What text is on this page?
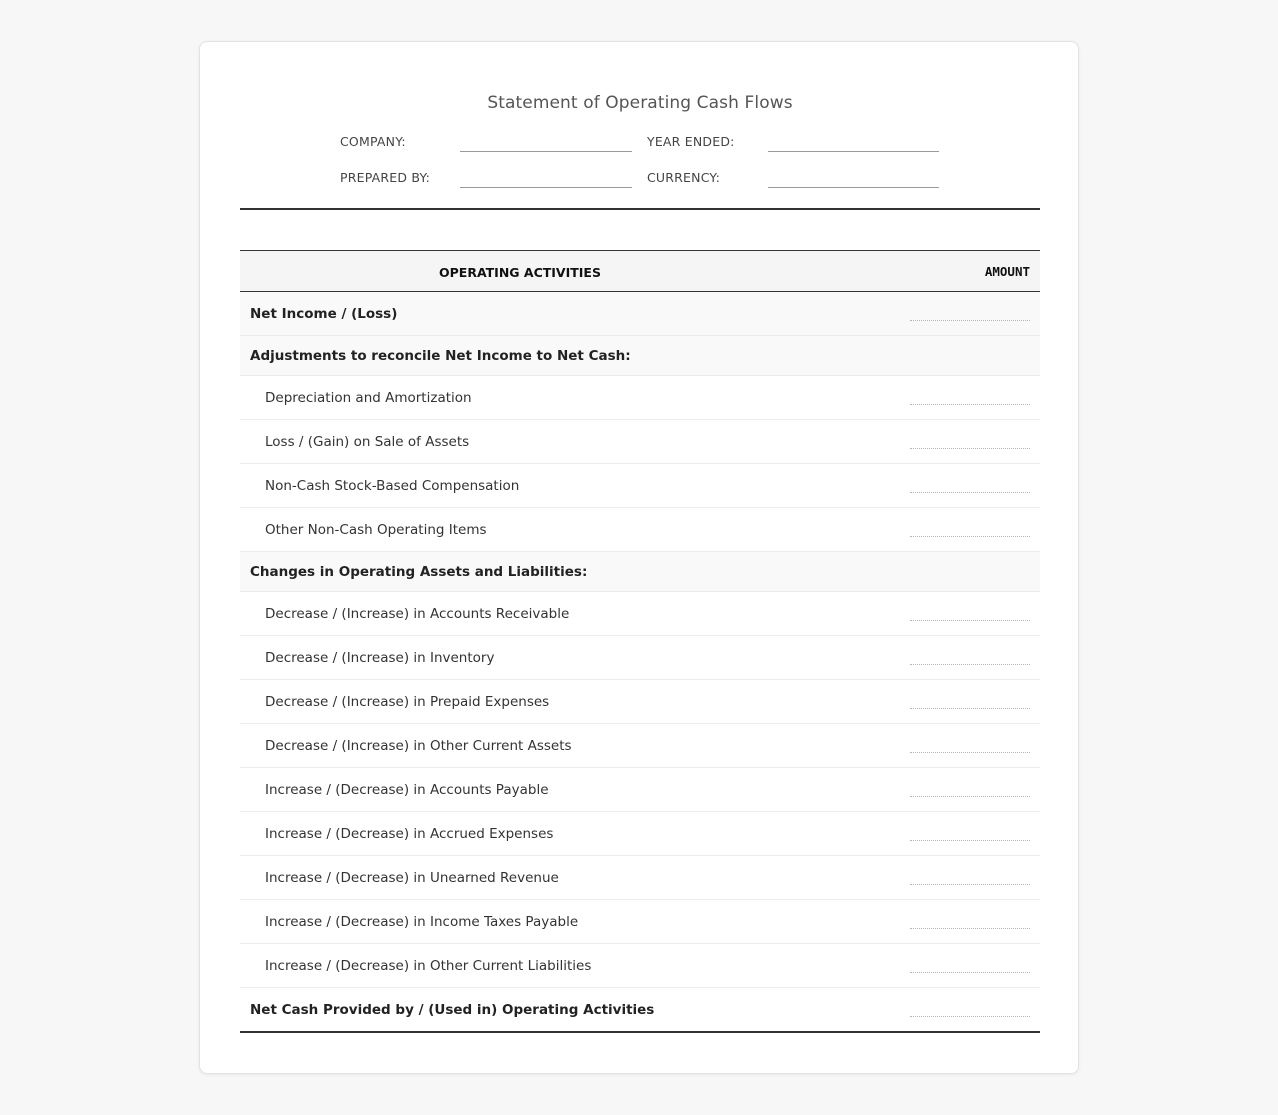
Statement of Operating Cash Flows
COMPANY:	YEAR ENDED:
PREPARED BY:	CURRENCY:
OPERATING ACTIVITIES	AMOUNT
Net Income / (Loss)
Adjustments to reconcile Net Income to Net Cash:
Depreciation and Amortization
Loss / (Gain) on Sale of Assets
Non-Cash Stock-Based Compensation
Other Non-Cash Operating Items
Changes in Operating Assets and Liabilities:
Decrease / (Increase) in Accounts Receivable
Decrease / (Increase) in Inventory
Decrease / (Increase) in Prepaid Expenses
Decrease / (Increase) in Other Current Assets
Increase / (Decrease) in Accounts Payable
Increase / (Decrease) in Accrued Expenses
Increase / (Decrease) in Unearned Revenue
Increase / (Decrease) in Income Taxes Payable
Increase / (Decrease) in Other Current Liabilities
Net Cash Provided by / (Used in) Operating Activities
